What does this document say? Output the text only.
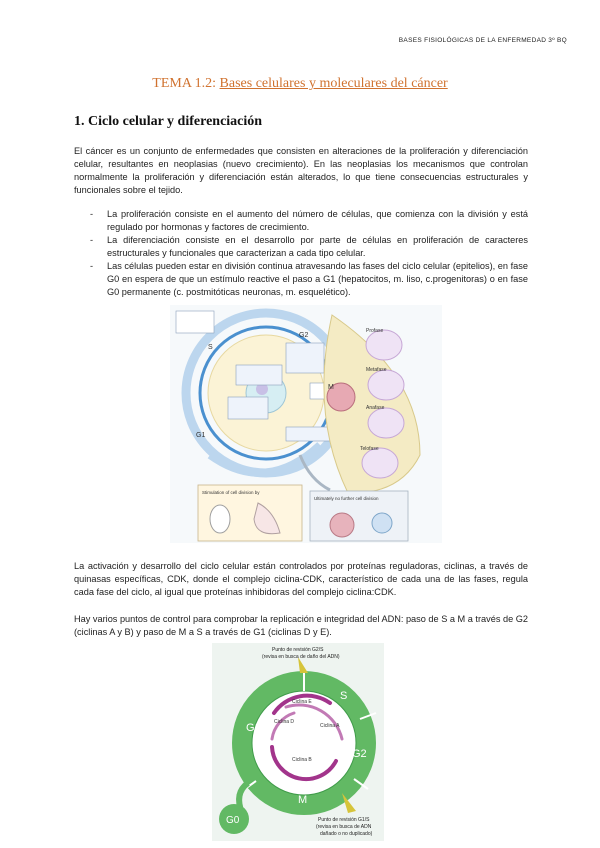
BASES FISIOLÓGICAS DE LA ENFERMEDAD 3º BQ
TEMA 1.2: Bases celulares y moleculares del cáncer
1. Ciclo celular y diferenciación

El cáncer es un conjunto de enfermedades que consisten en alteraciones de la proliferación y diferenciación celular, resultantes en neoplasias (nuevo crecimiento). En las neoplasias los mecanismos que controlan normalmente la proliferación y diferenciación están alterados, lo que tiene consecuencias estructurales y funcionales sobre el tejido.

- La proliferación consiste en el aumento del número de células, que comienza con la división y está regulado por hormonas y factores de crecimiento.
- La diferenciación consiste en el desarrollo por parte de células en proliferación de caracteres estructurales y funcionales que caracterizan a cada tipo celular.
- Las células pueden estar en división continua atravesando las fases del ciclo celular (epitelios), en fase G0 en espera de que un estímulo reactive el paso a G1 (hepatocitos, m. liso, c.progenitoras) o en fase G0 permanente (c. postmitóticas neuronas, m. esquelético).
G2
S
M
G1
Profase
Metafase
Anafase
Telofase
Stimulation of cell division by
Ultimately no further cell division

La activación y desarrollo del ciclo celular están controlados por proteínas reguladoras, ciclinas, a través de quinasas específicas, CDK, donde el complejo ciclina-CDK, característico de cada una de las fases, regula cada fase del ciclo, al igual que proteínas inhibidoras del complejo ciclina:CDK.

Hay varios puntos de control para comprobar la replicación e integridad del ADN: paso de S a M a través de G2 (ciclinas A y B) y paso de M a S a través de G1 (ciclinas D y E).

Punto de revisión G2/S
(revisa en busca de daño del ADN)
S
G1
G2
M
G0
Ciclina E
Ciclina A
Ciclina D
Ciclina B
Punto de revisión G1/S
(revisa en busca de ADN
dañado o no duplicado)
